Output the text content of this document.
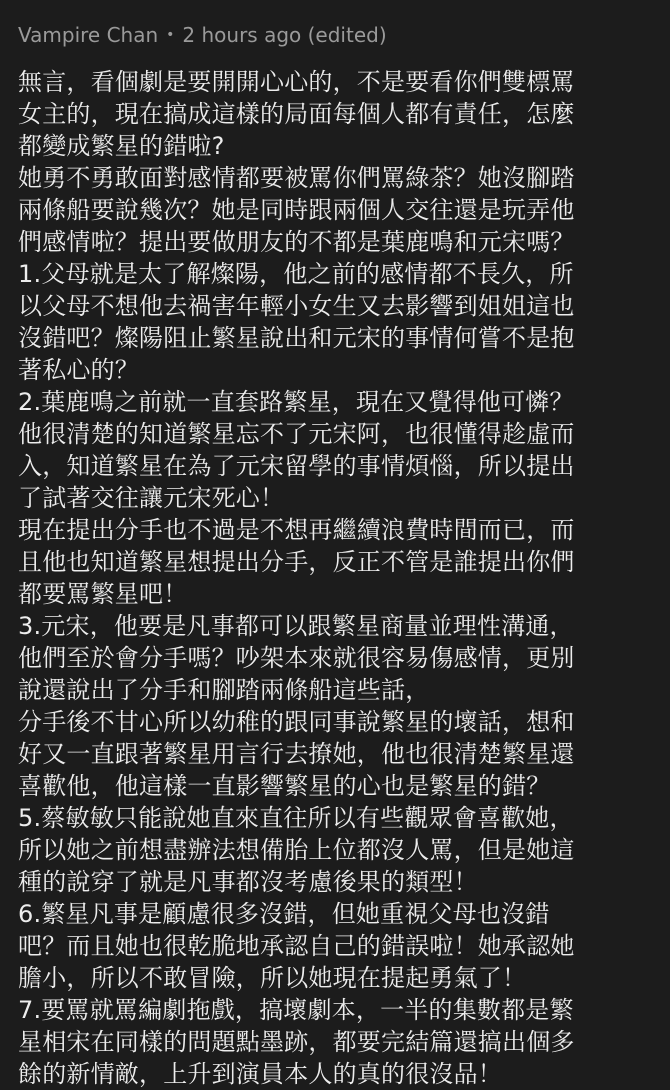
Vampire Chan • 2 hours ago (edited)
無言，看個劇是要開開心心的，不是要看你們雙標罵
女主的，現在搞成這樣的局面每個人都有責任，怎麼
都變成繁星的錯啦?
她勇不勇敢面對感情都要被罵你們罵綠茶？她沒腳踏
兩條船要說幾次？她是同時跟兩個人交往還是玩弄他
們感情啦？提出要做朋友的不都是葉鹿鳴和元宋嗎？
1.父母就是太了解燦陽，他之前的感情都不長久，所
以父母不想他去禍害年輕小女生又去影響到姐姐這也
沒錯吧？燦陽阻止繁星說出和元宋的事情何嘗不是抱
著私心的？
2.葉鹿鳴之前就一直套路繁星，現在又覺得他可憐？
他很清楚的知道繁星忘不了元宋阿，也很懂得趁虛而
入，知道繁星在為了元宋留學的事情煩惱，所以提出
了試著交往讓元宋死心！
現在提出分手也不過是不想再繼續浪費時間而已，而
且他也知道繁星想提出分手，反正不管是誰提出你們
都要罵繁星吧！
3.元宋，他要是凡事都可以跟繁星商量並理性溝通，
他們至於會分手嗎？吵架本來就很容易傷感情，更別
說還說出了分手和腳踏兩條船這些話，
分手後不甘心所以幼稚的跟同事說繁星的壞話，想和
好又一直跟著繁星用言行去撩她，他也很清楚繁星還
喜歡他，他這樣一直影響繁星的心也是繁星的錯？
5.蔡敏敏只能說她直來直往所以有些觀眾會喜歡她，
所以她之前想盡辦法想備胎上位都沒人罵，但是她這
種的說穿了就是凡事都沒考慮後果的類型！
6.繁星凡事是顧慮很多沒錯，但她重視父母也沒錯
吧？而且她也很乾脆地承認自己的錯誤啦！她承認她
膽小，所以不敢冒險，所以她現在提起勇氣了！
7.要罵就罵編劇拖戲，搞壞劇本，一半的集數都是繁
星相宋在同樣的問題點墨跡，都要完結篇還搞出個多
餘的新情敵，上升到演員本人的真的很沒品！
